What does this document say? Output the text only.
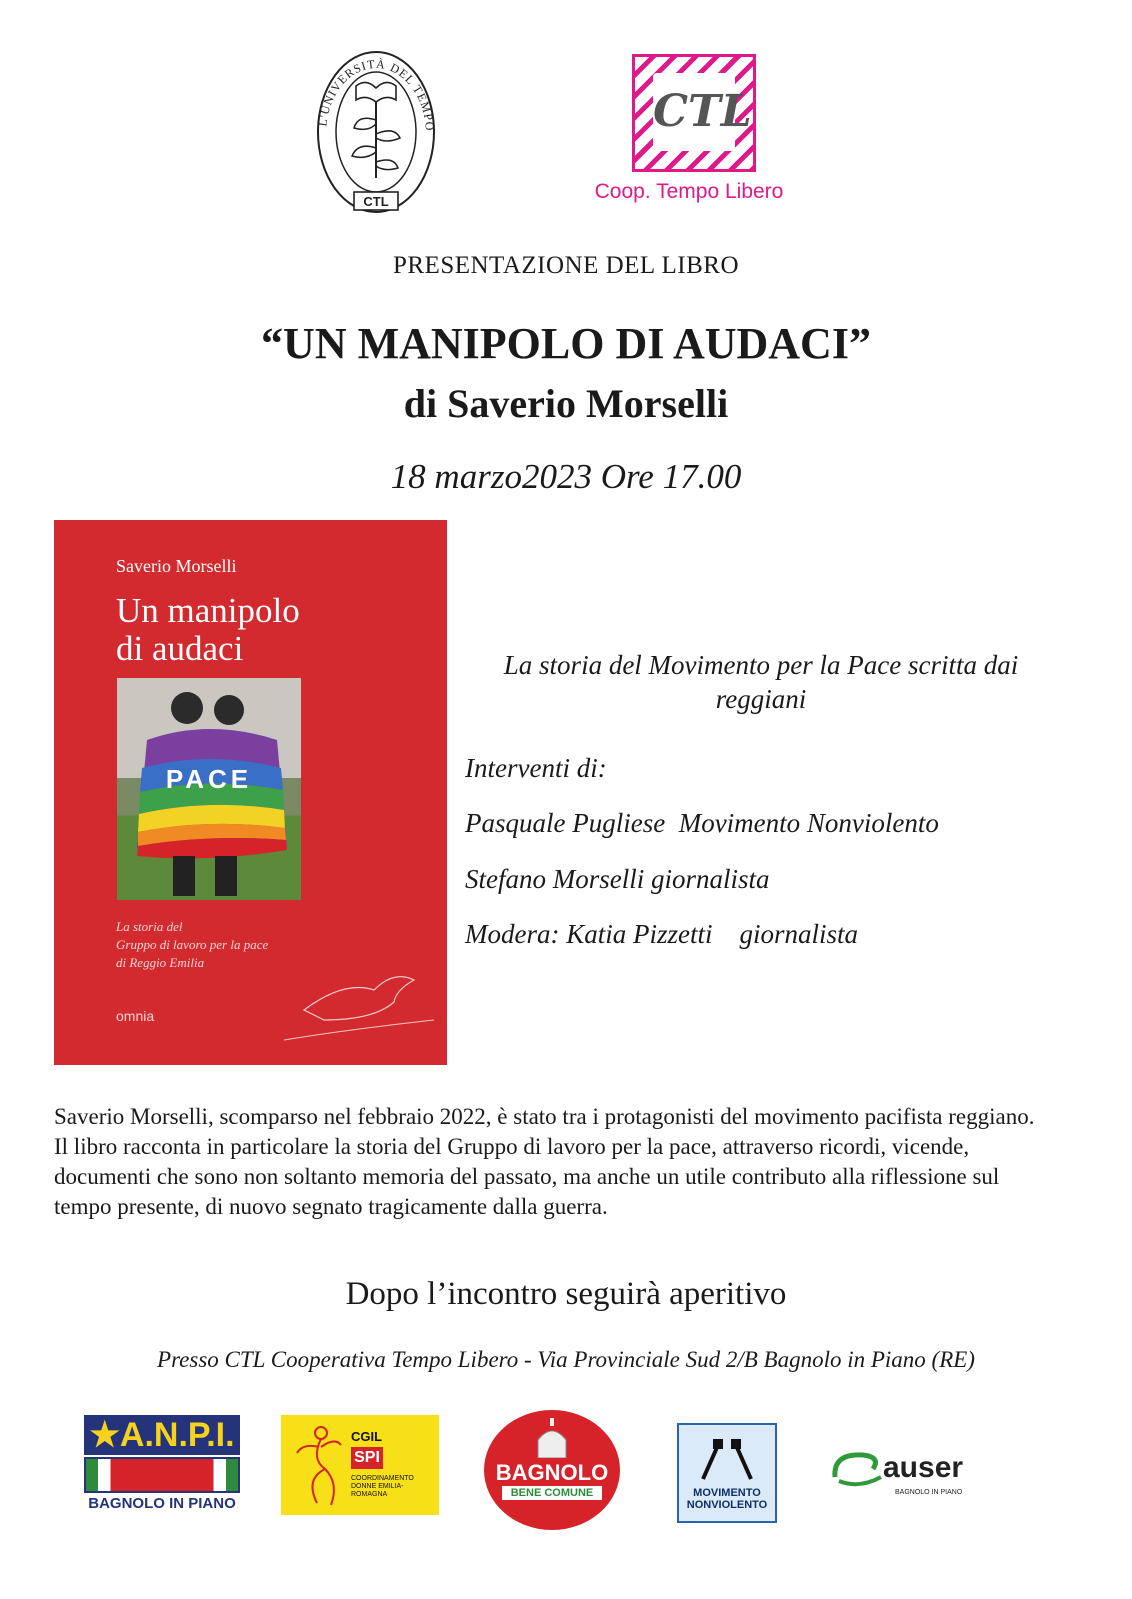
L'UNIVERSITÀ DEL TEMPO
CTL
CTL
Coop. Tempo Libero
PRESENTAZIONE DEL LIBRO
“UN MANIPOLO DI AUDACI”
di Saverio Morselli
18 marzo2023 Ore 17.00
Saverio Morselli
Un manipolo
di audaci
PACE
La storia del
Gruppo di lavoro per la pace
di Reggio Emilia
omnia
La storia del Movimento per la Pace scritta dai reggiani
Interventi di:
Pasquale Pugliese  Movimento Nonviolento
Stefano Morselli giornalista
Modera: Katia Pizzetti    giornalista
Saverio Morselli, scomparso nel febbraio 2022, è stato tra i protagonisti del movimento pacifista reggiano. Il libro racconta in particolare la storia del Gruppo di lavoro per la pace, attraverso ricordi, vicende, documenti che sono non soltanto memoria del passato, ma anche un utile contributo alla riflessione sul tempo presente, di nuovo segnato tragicamente dalla guerra.
Dopo l’incontro seguirà aperitivo
Presso CTL Cooperativa Tempo Libero - Via Provinciale Sud 2/B Bagnolo in Piano (RE)
★A.N.P.I.
BAGNOLO IN PIANO
CGIL
SPI
COORDINAMENTO DONNE EMILIA-ROMAGNA
BAGNOLO
BENE COMUNE	MOVIMENTO
NONVIOLENTO
auser
BAGNOLO IN PIANO
